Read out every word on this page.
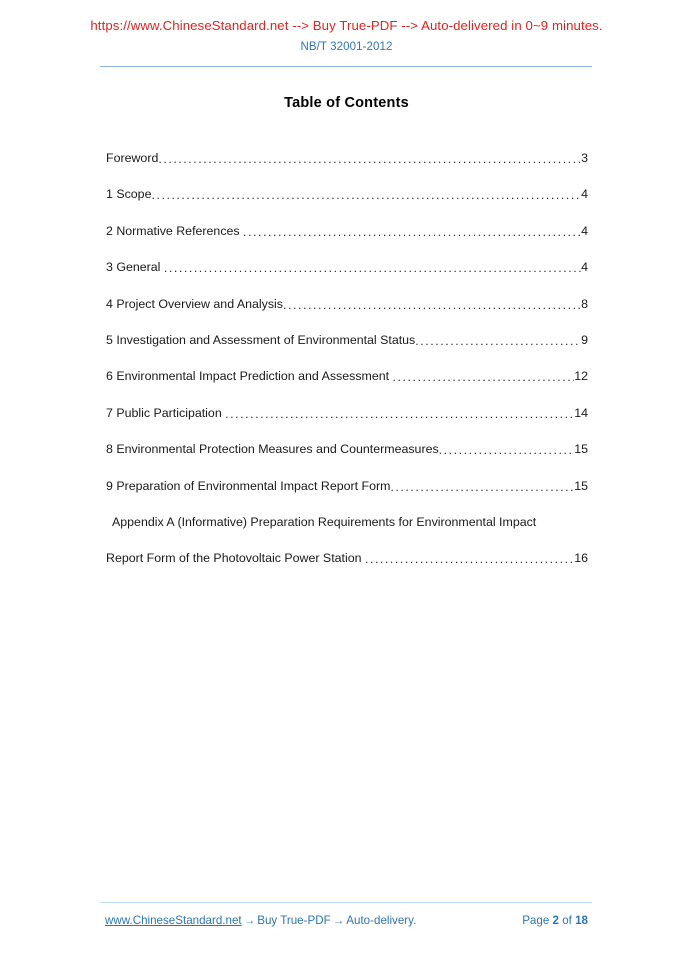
https://www.ChineseStandard.net --> Buy True-PDF --> Auto-delivered in 0~9 minutes.
NB/T 32001-2012
Table of Contents
Foreword .....	3
1 Scope .....	4
2 Normative References .....	4
3 General .....	4
4 Project Overview and Analysis .....	8
5 Investigation and Assessment of Environmental Status .....	9
6 Environmental Impact Prediction and Assessment .....	12
7 Public Participation .....	14
8 Environmental Protection Measures and Countermeasures .....	15
9 Preparation of Environmental Impact Report Form .....	15
Appendix A (Informative) Preparation Requirements for Environmental Impact
Report Form of the Photovoltaic Power Station .....	16
www.ChineseStandard.net → Buy True-PDF → Auto-delivery.	Page 2 of 18
